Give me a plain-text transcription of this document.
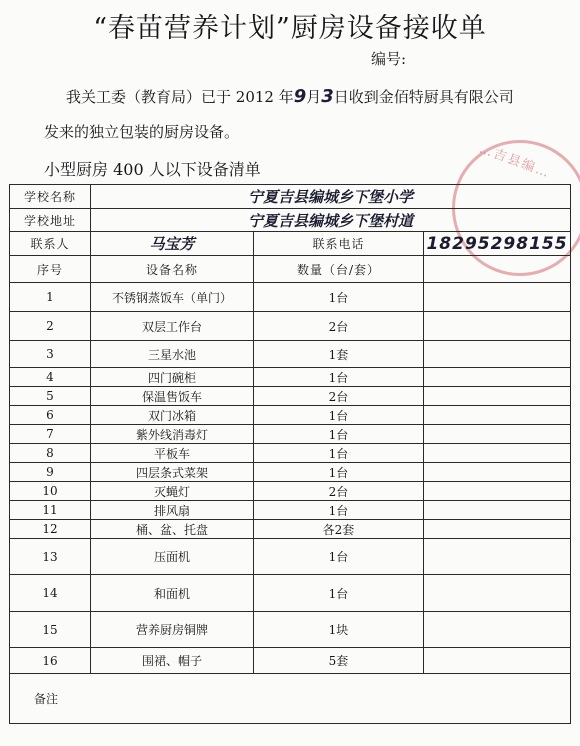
“春苗营养计划”厨房设备接收单
编号:
我关工委（教育局）已于 2012 年9月3日收到金佰特厨具有限公司
发来的独立包装的厨房设备。
小型厨房 400 人以下设备清单	…吉县编…
学校名称	宁夏吉县编城乡下堡小学		
学校地址	宁夏吉县编城乡下堡村道		
联系人	马宝芳	联系电话	18295298155
序号	设备名称	数量（台/套）	
1	不锈钢蒸饭车（单门）	1台	
2	双层工作台	2台	
3	三星水池	1套	
4	四门碗柜	1台	
5	保温售饭车	2台	
6	双门冰箱	1台	
7	紫外线消毒灯	1台	
8	平板车	1台	
9	四层条式菜架	1台	
10	灭蝇灯	2台	
11	排风扇	1台	
12	桶、盆、托盘	各2套	
13	压面机	1台	
14	和面机	1台	
15	营养厨房铜牌	1块	
16	围裙、帽子	5套	
备注			
